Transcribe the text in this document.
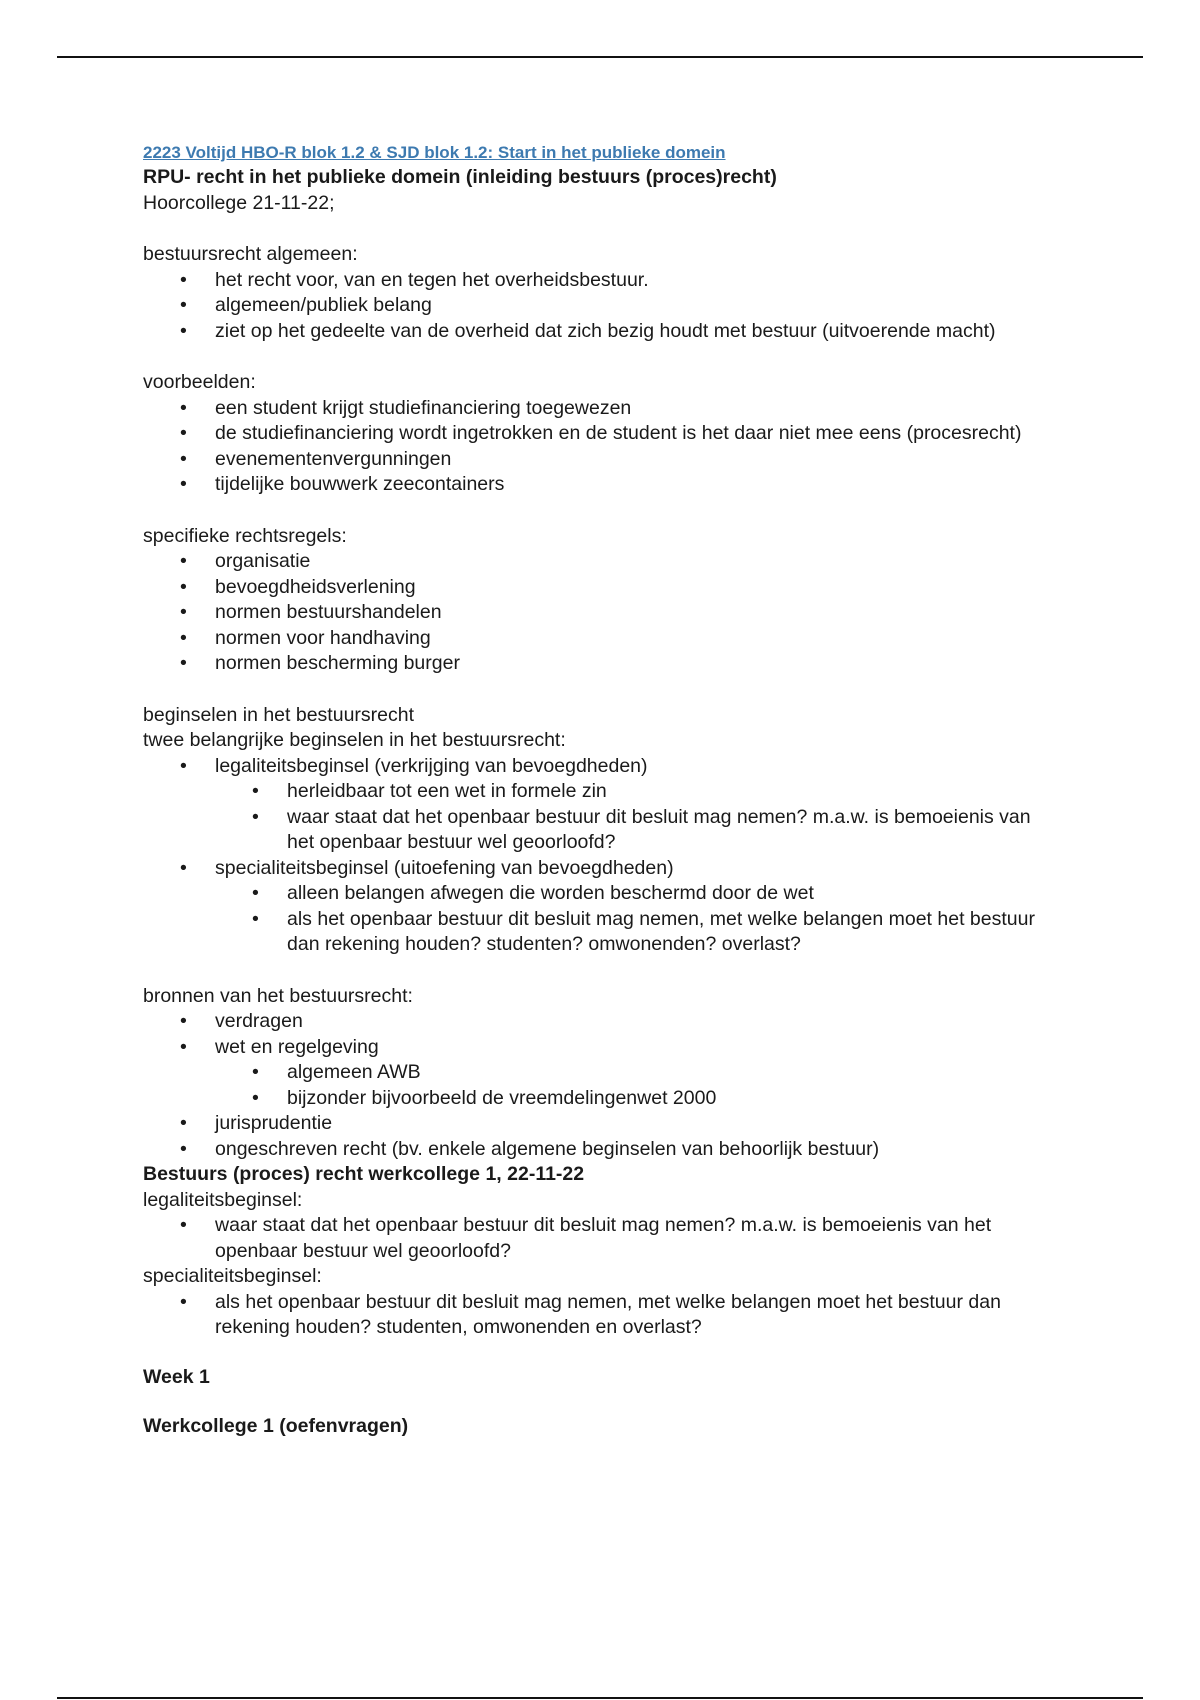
2223 Voltijd HBO-R blok 1.2 & SJD blok 1.2: Start in het publieke domein
RPU- recht in het publieke domein (inleiding bestuurs (proces)recht)
Hoorcollege 21-11-22;
bestuursrecht algemeen:
• het recht voor, van en tegen het overheidsbestuur.
• algemeen/publiek belang
• ziet op het gedeelte van de overheid dat zich bezig houdt met bestuur (uitvoerende macht)
voorbeelden:
• een student krijgt studiefinanciering toegewezen
• de studiefinanciering wordt ingetrokken en de student is het daar niet mee eens (procesrecht)
• evenementenvergunningen
• tijdelijke bouwwerk zeecontainers
specifieke rechtsregels:
• organisatie
• bevoegdheidsverlening
• normen bestuurshandelen
• normen voor handhaving
• normen bescherming burger
beginselen in het bestuursrecht
twee belangrijke beginselen in het bestuursrecht:
• legaliteitsbeginsel (verkrijging van bevoegdheden)
• herleidbaar tot een wet in formele zin
• waar staat dat het openbaar bestuur dit besluit mag nemen? m.a.w. is bemoeienis van het openbaar bestuur wel geoorloofd?
• specialiteitsbeginsel (uitoefening van bevoegdheden)
• alleen belangen afwegen die worden beschermd door de wet
• als het openbaar bestuur dit besluit mag nemen, met welke belangen moet het bestuur dan rekening houden? studenten? omwonenden? overlast?
bronnen van het bestuursrecht:
• verdragen
• wet en regelgeving
• algemeen AWB
• bijzonder bijvoorbeeld de vreemdelingenwet 2000
• jurisprudentie
• ongeschreven recht (bv. enkele algemene beginselen van behoorlijk bestuur)
Bestuurs (proces) recht werkcollege 1, 22-11-22
legaliteitsbeginsel:
• waar staat dat het openbaar bestuur dit besluit mag nemen? m.a.w. is bemoeienis van het openbaar bestuur wel geoorloofd?
specialiteitsbeginsel:
• als het openbaar bestuur dit besluit mag nemen, met welke belangen moet het bestuur dan rekening houden? studenten, omwonenden en overlast?
Week 1
Werkcollege 1 (oefenvragen)
